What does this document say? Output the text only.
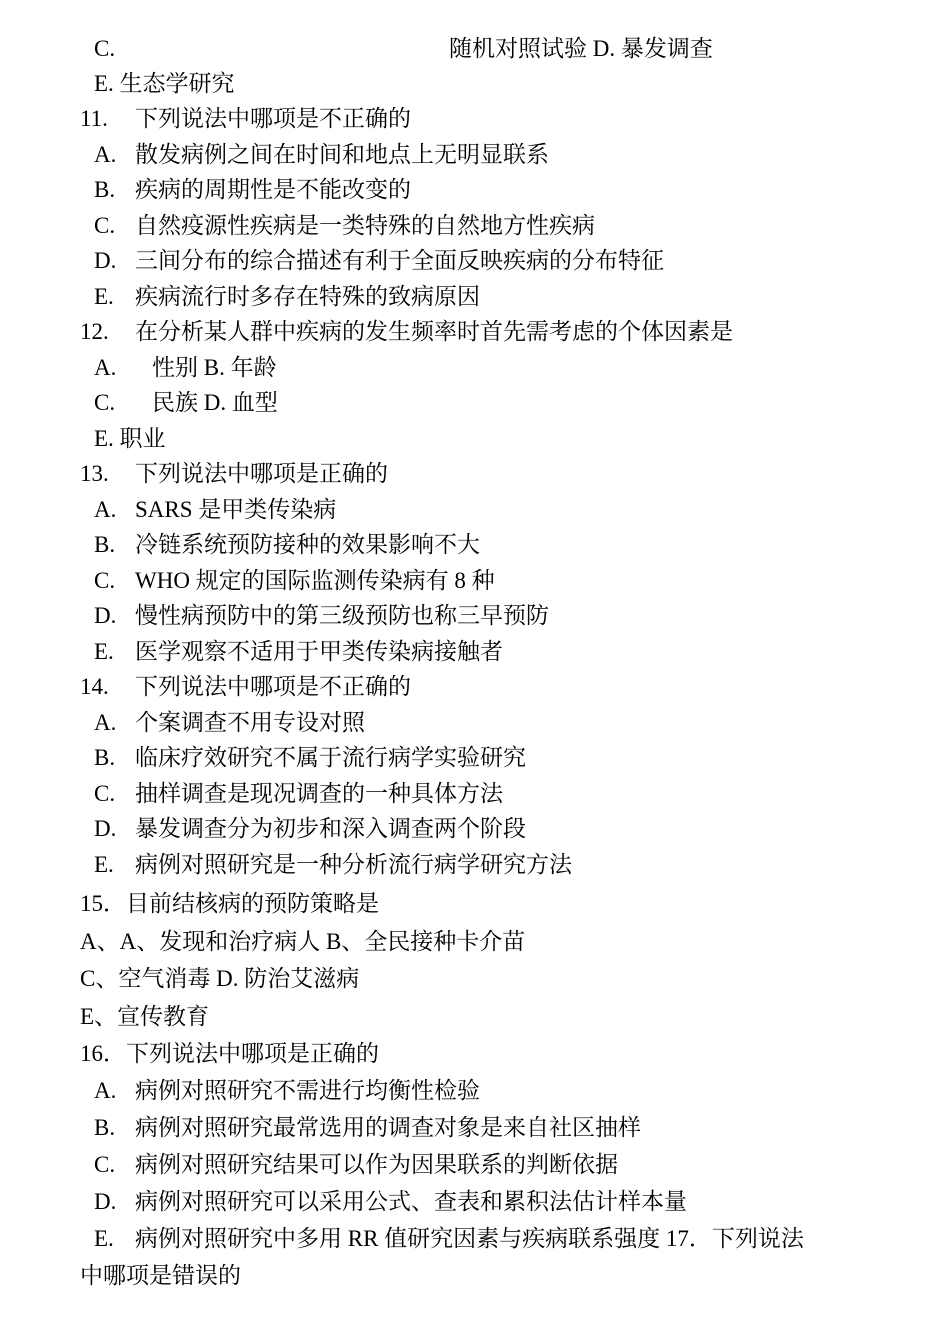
C.	随机对照试验 D. 暴发调查
E. 生态学研究
11. 下列说法中哪项是不正确的
A. 散发病例之间在时间和地点上无明显联系
B. 疾病的周期性是不能改变的
C. 自然疫源性疾病是一类特殊的自然地方性疾病
D. 三间分布的综合描述有利于全面反映疾病的分布特征
E. 疾病流行时多存在特殊的致病原因
12. 在分析某人群中疾病的发生频率时首先需考虑的个体因素是
A. 性别 B. 年龄
C. 民族 D. 血型
E. 职业
13. 下列说法中哪项是正确的
A. SARS 是甲类传染病
B. 冷链系统预防接种的效果影响不大
C. WHO 规定的国际监测传染病有 8 种
D. 慢性病预防中的第三级预防也称三早预防
E. 医学观察不适用于甲类传染病接触者
14. 下列说法中哪项是不正确的
A. 个案调查不用专设对照
B. 临床疗效研究不属于流行病学实验研究
C. 抽样调查是现况调查的一种具体方法
D. 暴发调查分为初步和深入调查两个阶段
E. 病例对照研究是一种分析流行病学研究方法
15．目前结核病的预防策略是
A、A、发现和治疗病人 B、全民接种卡介苗
C、空气消毒 D. 防治艾滋病
E、宣传教育
16．下列说法中哪项是正确的
A. 病例对照研究不需进行均衡性检验
B. 病例对照研究最常选用的调查对象是来自社区抽样
C. 病例对照研究结果可以作为因果联系的判断依据
D. 病例对照研究可以采用公式、查表和累积法估计样本量
E. 病例对照研究中多用 RR 值研究因素与疾病联系强度 17．下列说法
中哪项是错误的
